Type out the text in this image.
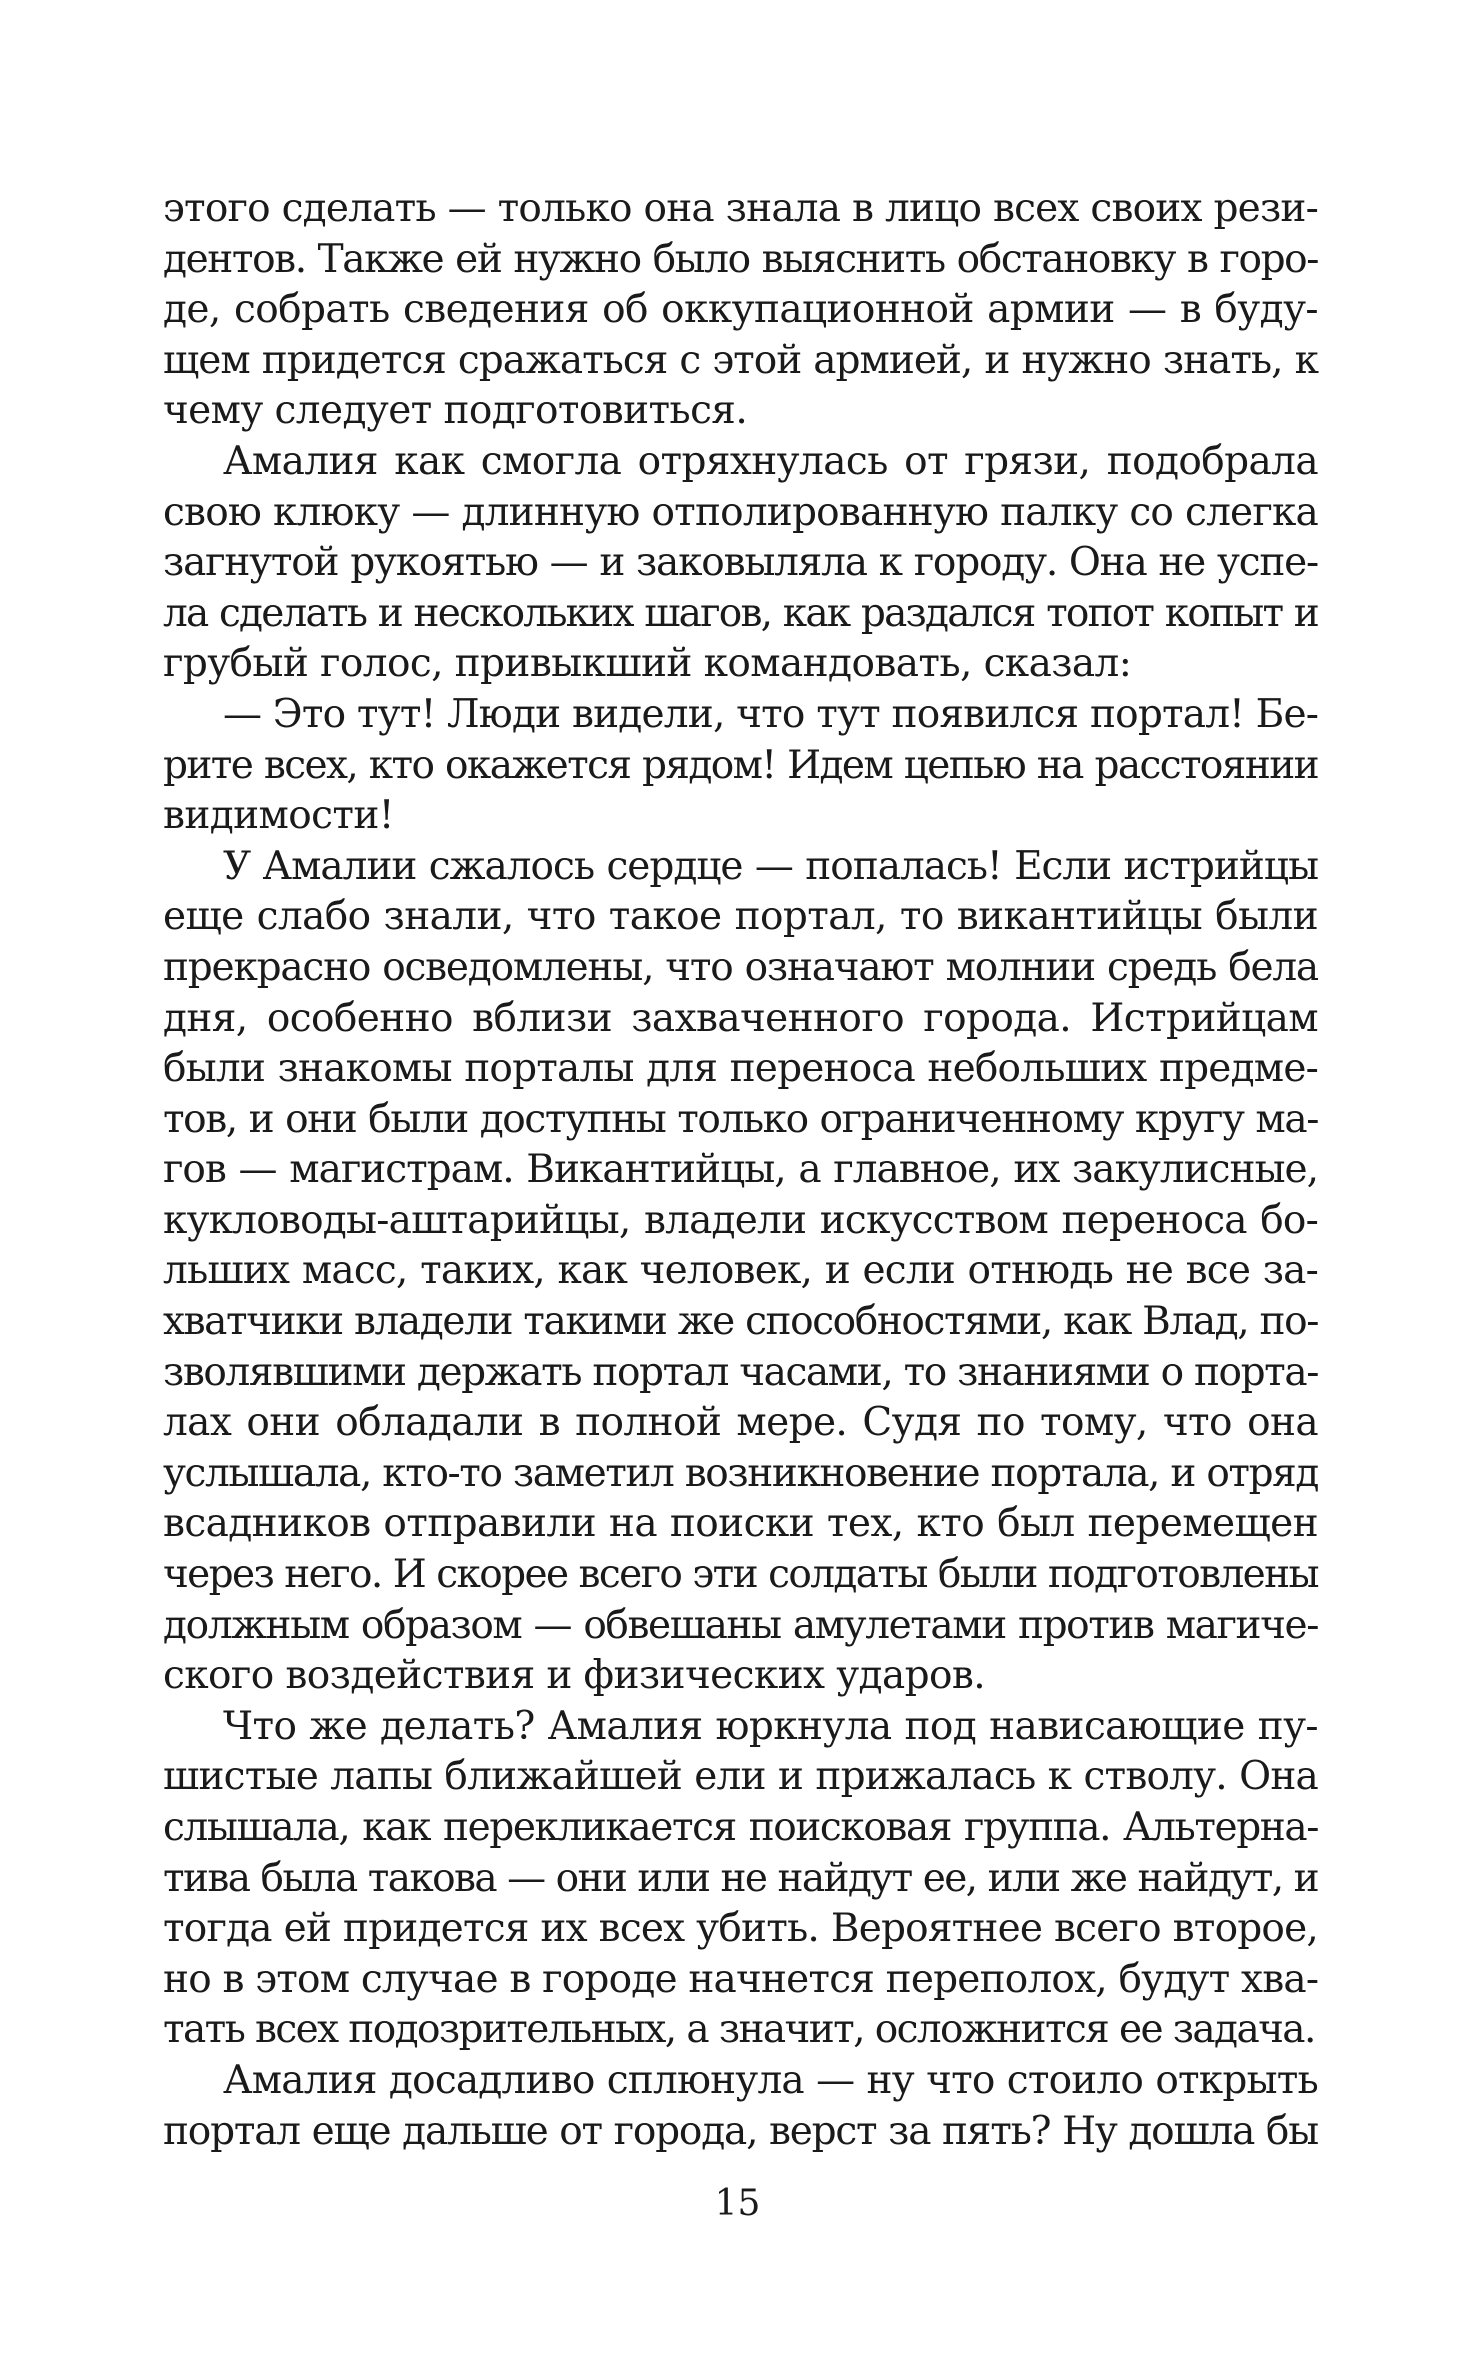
этого сделать — только она знала в лицо всех своих рези-
дентов. Также ей нужно было выяснить обстановку в горо-
де, собрать сведения об оккупационной армии — в буду-
щем придется сражаться с этой армией, и нужно знать, к
чему следует подготовиться.
Амалия как смогла отряхнулась от грязи, подобрала
свою клюку — длинную отполированную палку со слегка
загнутой рукоятью — и заковыляла к городу. Она не успе-
ла сделать и нескольких шагов, как раздался топот копыт и
грубый голос, привыкший командовать, сказал:
— Это тут! Люди видели, что тут появился портал! Бе-
рите всех, кто окажется рядом! Идем цепью на расстоянии
видимости!
У Амалии сжалось сердце — попалась! Если истрийцы
еще слабо знали, что такое портал, то викантийцы были
прекрасно осведомлены, что означают молнии средь бела
дня, особенно вблизи захваченного города. Истрийцам
были знакомы порталы для переноса небольших предме-
тов, и они были доступны только ограниченному кругу ма-
гов — магистрам. Викантийцы, а главное, их закулисные,
кукловоды-аштарийцы, владели искусством переноса бо-
льших масс, таких, как человек, и если отнюдь не все за-
хватчики владели такими же способностями, как Влад, по-
зволявшими держать портал часами, то знаниями о порта-
лах они обладали в полной мере. Судя по тому, что она
услышала, кто-то заметил возникновение портала, и отряд
всадников отправили на поиски тех, кто был перемещен
через него. И скорее всего эти солдаты были подготовлены
должным образом — обвешаны амулетами против магиче-
ского воздействия и физических ударов.
Что же делать? Амалия юркнула под нависающие пу-
шистые лапы ближайшей ели и прижалась к стволу. Она
слышала, как перекликается поисковая группа. Альтерна-
тива была такова — они или не найдут ее, или же найдут, и
тогда ей придется их всех убить. Вероятнее всего второе,
но в этом случае в городе начнется переполох, будут хва-
тать всех подозрительных, а значит, осложнится ее задача.
Амалия досадливо сплюнула — ну что стоило открыть
портал еще дальше от города, верст за пять? Ну дошла бы
15
